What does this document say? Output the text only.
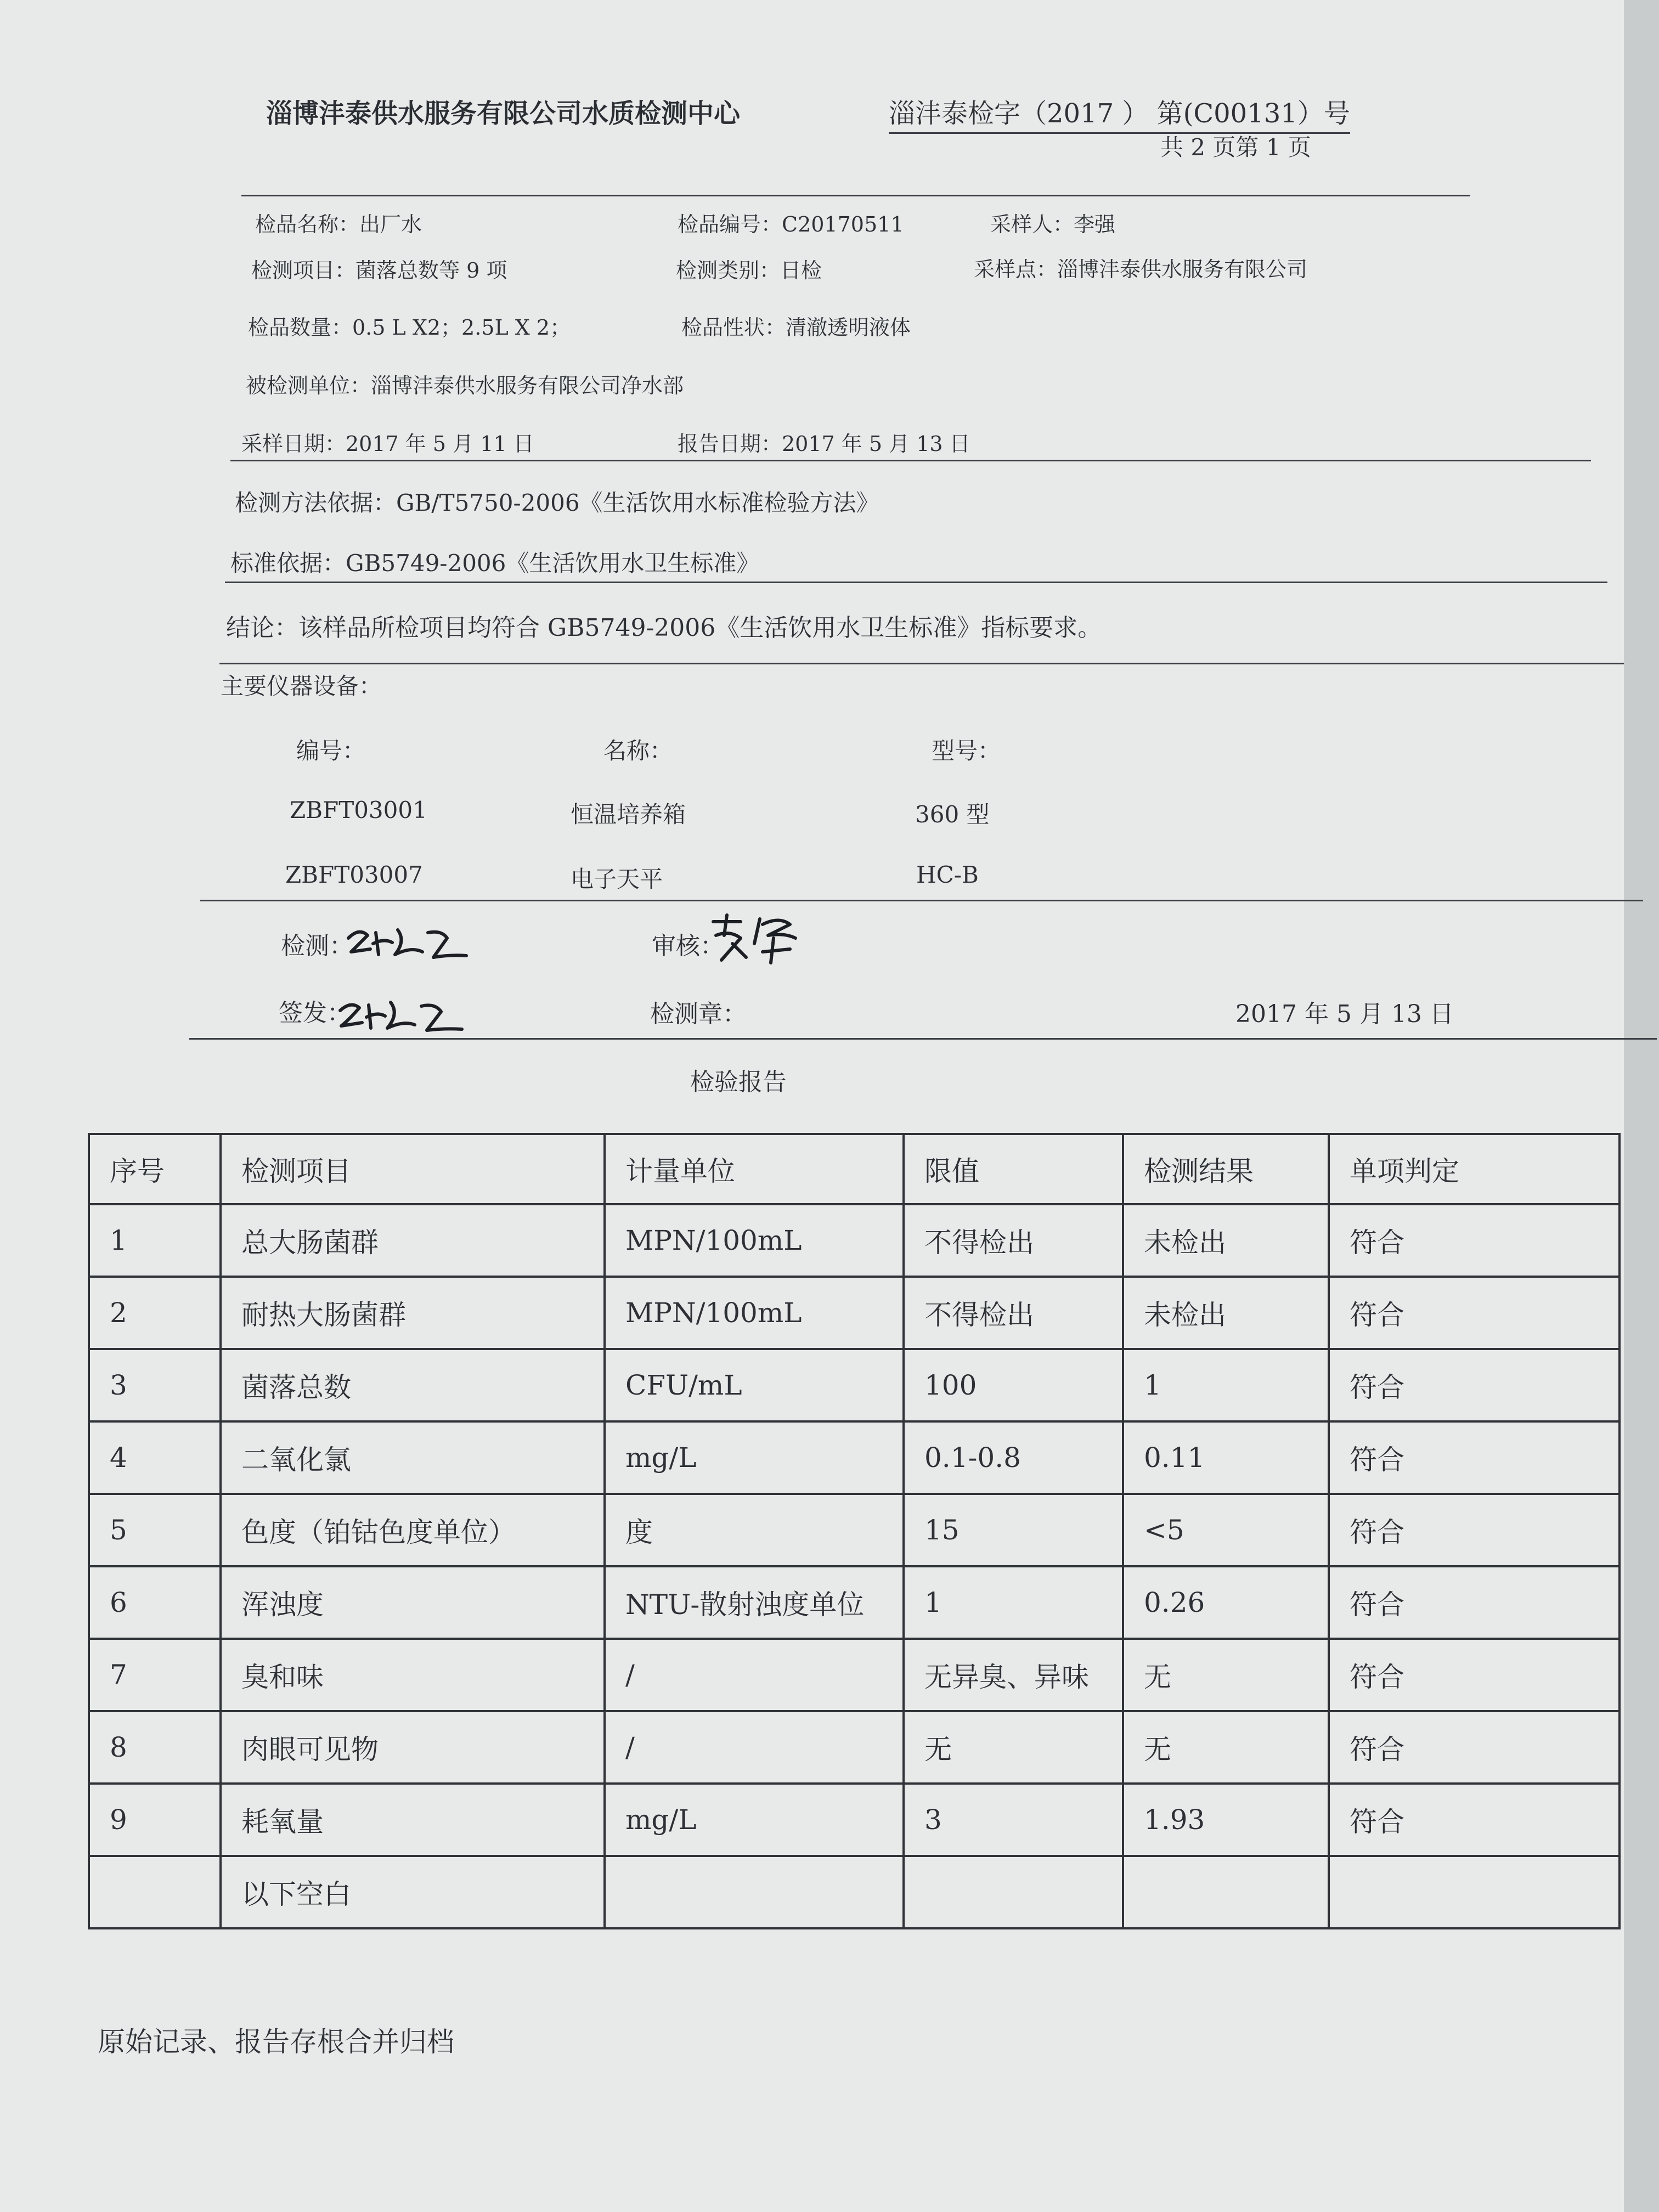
淄博沣泰供水服务有限公司水质检测中心	淄沣泰检字（2017 ） 第(C00131）号
共 2 页第 1 页
检品名称：出厂水	检品编号：C20170511	采样人：李强
检测项目：菌落总数等 9 项	检测类别：日检	采样点：淄博沣泰供水服务有限公司
检品数量：0.5 L X2；2.5L X 2；	检品性状：清澈透明液体
被检测单位：淄博沣泰供水服务有限公司净水部
采样日期：2017 年 5 月 11 日	报告日期：2017 年 5 月 13 日
检测方法依据：GB/T5750-2006《生活饮用水标准检验方法》
标准依据：GB5749-2006《生活饮用水卫生标准》
结论：该样品所检项目均符合 GB5749-2006《生活饮用水卫生标准》指标要求。
主要仪器设备：
编号：	名称：	型号：
ZBFT03001	恒温培养箱	360 型
ZBFT03007	电子天平	HC-B
检测：	审核：
签发：	检测章：	2017 年 5 月 13 日
检验报告
序号	检测项目	计量单位	限值	检测结果	单项判定
1	总大肠菌群	MPN/100mL	不得检出	未检出	符合
2	耐热大肠菌群	MPN/100mL	不得检出	未检出	符合
3	菌落总数	CFU/mL	100	1	符合
4	二氧化氯	mg/L	0.1-0.8	0.11	符合
5	色度（铂钴色度单位）	度	15	<5	符合
6	浑浊度	NTU-散射浊度单位	1	0.26	符合
7	臭和味	/	无异臭、异味	无	符合
8	肉眼可见物	/	无	无	符合
9	耗氧量	mg/L	3	1.93	符合
	以下空白				
原始记录、报告存根合并归档
